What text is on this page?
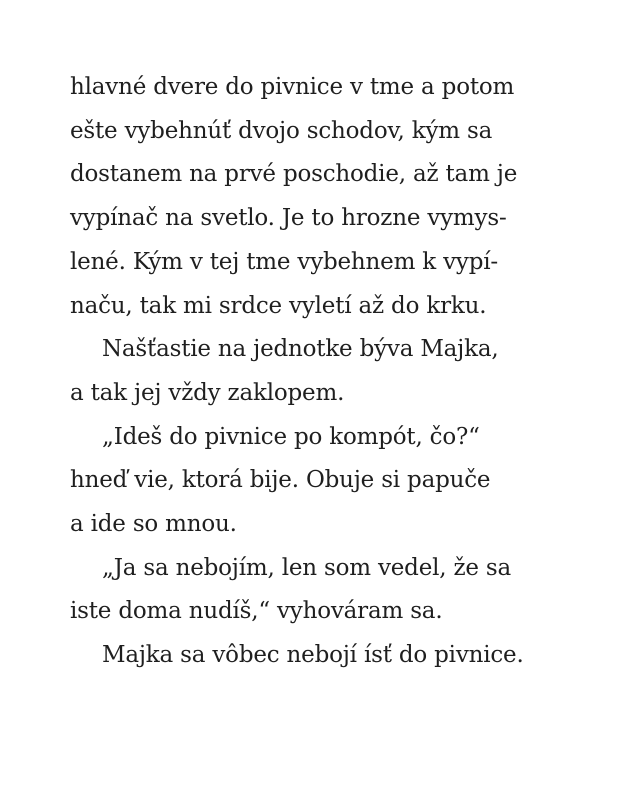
hlavné dvere do pivnice v tme a potom
ešte vybehnúť dvojo schodov, kým sa
dostanem na prvé poschodie, až tam je
vypínač na svetlo. Je to hrozne vymys-
lené. Kým v tej tme vybehnem k vypí-
naču, tak mi srdce vyletí až do krku.
Našťastie na jednotke býva Majka,
a tak jej vždy zaklopem.
„Ideš do pivnice po kompót, čo?“
hneď vie, ktorá bije. Obuje si papuče
a ide so mnou.
„Ja sa nebojím, len som vedel, že sa
iste doma nudíš,“ vyhováram sa.
Majka sa vôbec nebojí ísť do pivnice.
